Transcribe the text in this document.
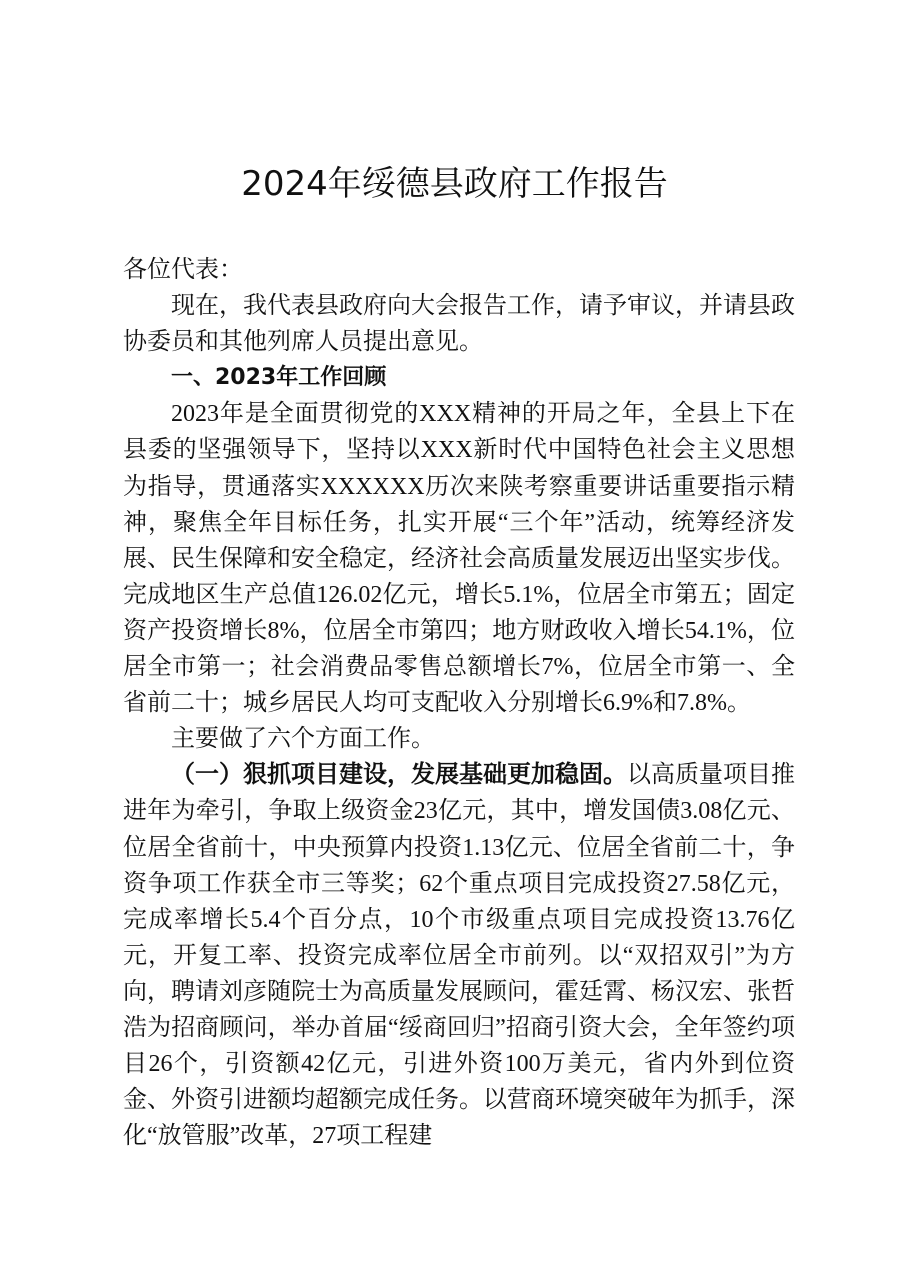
2024年绥德县政府工作报告

各位代表：

现在，我代表县政府向大会报告工作，请予审议，并请县政协委员和其他列席人员提出意见。

一、2023年工作回顾

2023年是全面贯彻党的XXX精神的开局之年，全县上下在县委的坚强领导下，坚持以XXX新时代中国特色社会主义思想为指导，贯通落实XXXXXX历次来陕考察重要讲话重要指示精神，聚焦全年目标任务，扎实开展“三个年”活动，统筹经济发展、民生保障和安全稳定，经济社会高质量发展迈出坚实步伐。完成地区生产总值126.02亿元，增长5.1%，位居全市第五；固定资产投资增长8%，位居全市第四；地方财政收入增长54.1%，位居全市第一；社会消费品零售总额增长7%，位居全市第一、全省前二十；城乡居民人均可支配收入分别增长6.9%和7.8%。

主要做了六个方面工作。

（一）狠抓项目建设，发展基础更加稳固。以高质量项目推进年为牵引，争取上级资金23亿元，其中，增发国债3.08亿元、位居全省前十，中央预算内投资1.13亿元、位居全省前二十，争资争项工作获全市三等奖；62个重点项目完成投资27.58亿元，完成率增长5.4个百分点，10个市级重点项目完成投资13.76亿元，开复工率、投资完成率位居全市前列。以“双招双引”为方向，聘请刘彦随院士为高质量发展顾问，霍廷霄、杨汉宏、张哲浩为招商顾问，举办首届“绥商回归”招商引资大会，全年签约项目26个，引资额42亿元，引进外资100万美元，省内外到位资金、外资引进额均超额完成任务。以营商环境突破年为抓手，深化“放管服”改革，27项工程建
